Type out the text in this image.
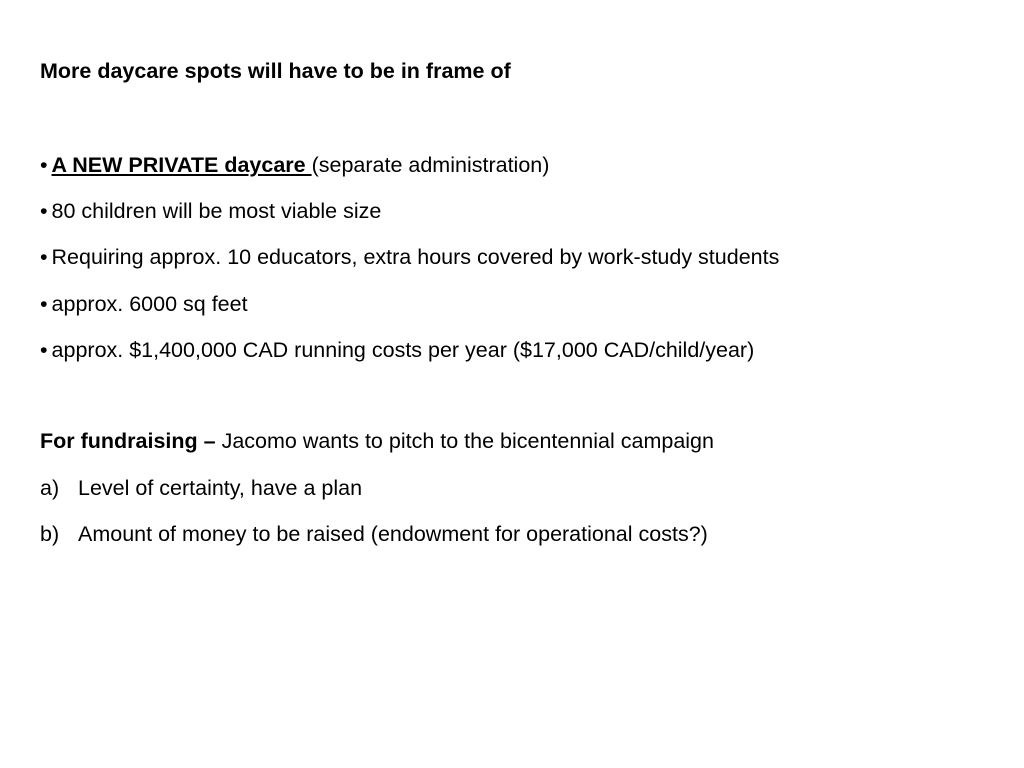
More daycare spots will have to be in frame of
• A NEW PRIVATE daycare (separate administration)
• 80 children will be most viable size
• Requiring approx. 10 educators, extra hours covered by work-study students
• approx. 6000 sq feet
• approx. $1,400,000 CAD running costs per year ($17,000 CAD/child/year)
For fundraising – Jacomo wants to pitch to the bicentennial campaign
a) Level of certainty, have a plan
b) Amount of money to be raised (endowment for operational costs?)
